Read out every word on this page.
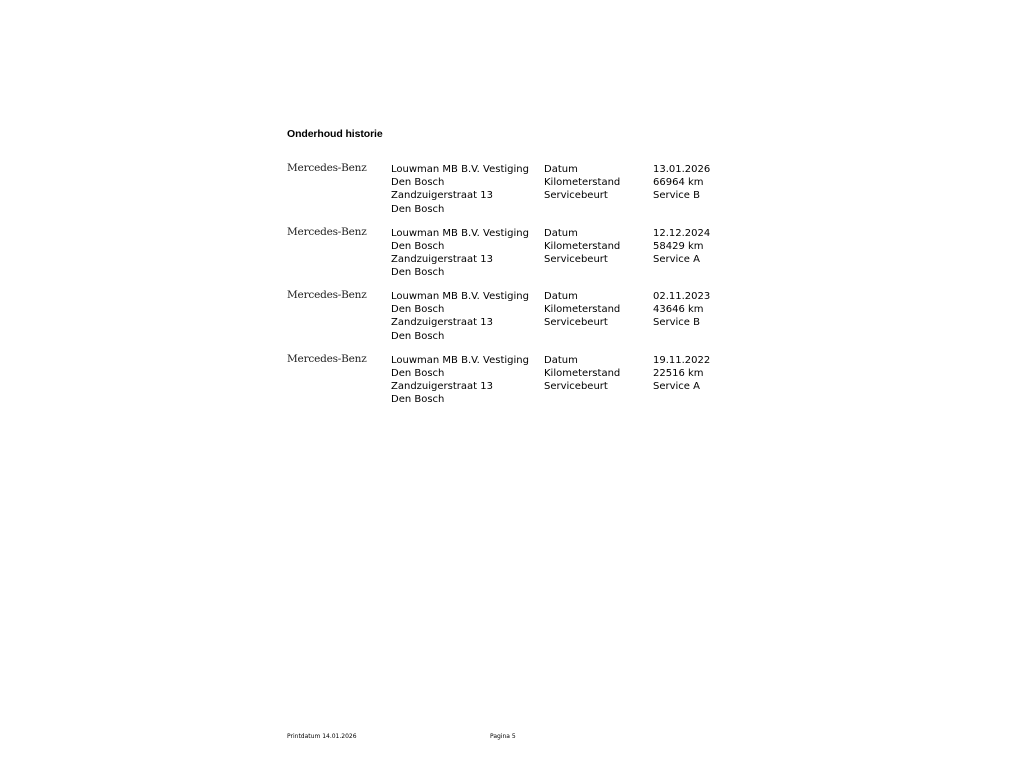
Onderhoud historie
Mercedes-Benz Louwman MB B.V. Vestiging Den Bosch
Zandzuigerstraat 13
Den Bosch
Datum
Kilometerstand
Servicebeurt
13.01.2026
66964 km
Service B
Mercedes-Benz Louwman MB B.V. Vestiging Den Bosch
Zandzuigerstraat 13
Den Bosch
Datum
Kilometerstand
Servicebeurt
12.12.2024
58429 km
Service A
Mercedes-Benz Louwman MB B.V. Vestiging Den Bosch
Zandzuigerstraat 13
Den Bosch
Datum
Kilometerstand
Servicebeurt
02.11.2023
43646 km
Service B
Mercedes-Benz Louwman MB B.V. Vestiging Den Bosch
Zandzuigerstraat 13
Den Bosch
Datum
Kilometerstand
Servicebeurt
19.11.2022
22516 km
Service A
Printdatum 14.01.2026	Pagina 5
